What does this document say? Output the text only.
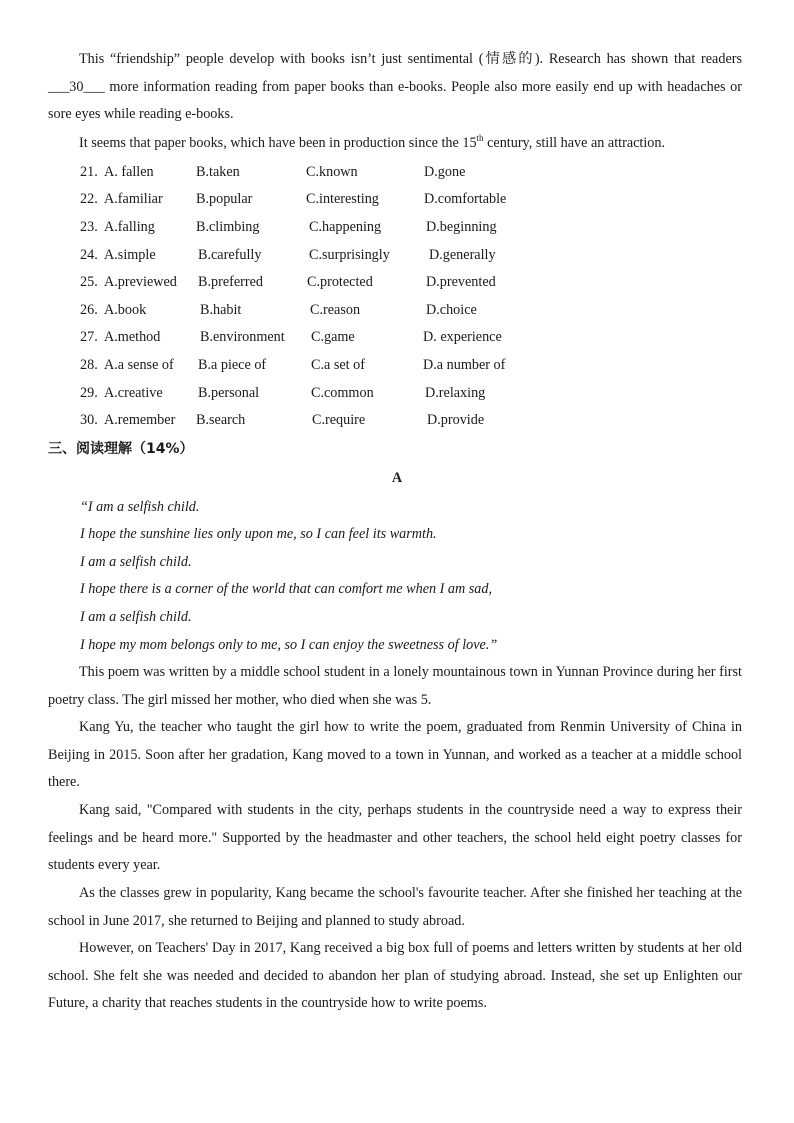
This “friendship” people develop with books isn’t just sentimental (情感的). Research has shown that readers ___30___ more information reading from paper books than e-books. People also more easily end up with headaches or sore eyes while reading e-books.
It seems that paper books, which have been in production since the 15th century, still have an attraction.
21. A. fallen	B.taken	C.known	D.gone
22. A.familiar B.popular	C.interesting	D.comfortable
23. A.falling	B.climbing	C.happening	D.beginning
24. A.simple	B.carefully	C.surprisingly	D.generally
25. A.previewed B.preferred	C.protected	D.prevented
26. A.book	B.habit	C.reason	D.choice
27. A.method	B.environment C.game	D. experience
28. A.a sense of B.a piece of	C.a set of	D.a number of
29. A.creative B.personal	C.common	D.relaxing
30. A.remember B.search	C.require	D.provide
三、阅读理解（14%）
A
“I am a selfish child.
I hope the sunshine lies only upon me, so I can feel its warmth.
I am a selfish child.
I hope there is a corner of the world that can comfort me when I am sad,
I am a selfish child.
I hope my mom belongs only to me, so I can enjoy the sweetness of love.”
This poem was written by a middle school student in a lonely mountainous town in Yunnan Province during her first poetry class. The girl missed her mother, who died when she was 5.
Kang Yu, the teacher who taught the girl how to write the poem, graduated from Renmin University of China in Beijing in 2015. Soon after her gradation, Kang moved to a town in Yunnan, and worked as a teacher at a middle school there.
Kang said, "Compared with students in the city, perhaps students in the countryside need a way to express their feelings and be heard more." Supported by the headmaster and other teachers, the school held eight poetry classes for students every year.
As the classes grew in popularity, Kang became the school's favourite teacher. After she finished her teaching at the school in June 2017, she returned to Beijing and planned to study abroad.
However, on Teachers' Day in 2017, Kang received a big box full of poems and letters written by students at her old school. She felt she was needed and decided to abandon her plan of studying abroad. Instead, she set up Enlighten our Future, a charity that reaches students in the countryside how to write poems.
